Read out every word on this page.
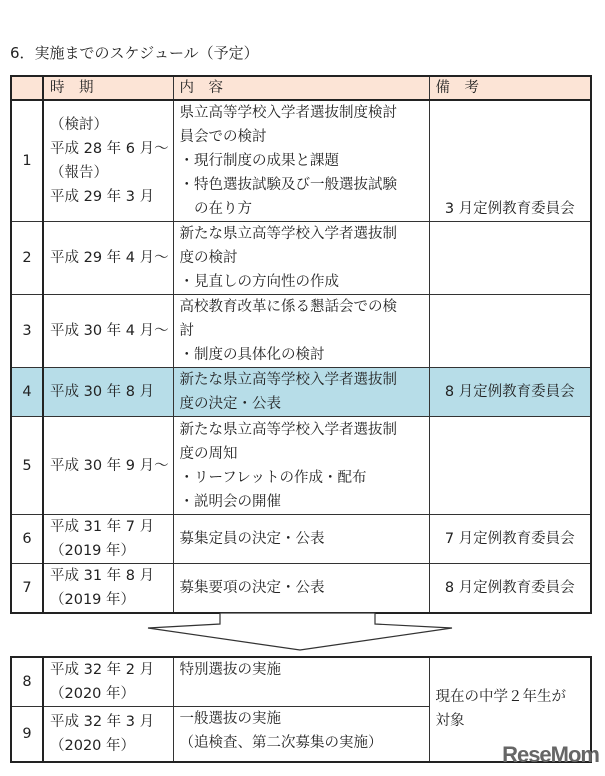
6．実施までのスケジュール（予定）
	時　期	内　容	備　考
1	（検討）
平成 28 年 6 月～
（報告）
平成 29 年 3 月	県立高等学校入学者選抜制度検討
員会での検討
・現行制度の成果と課題
・特色選抜試験及び一般選抜試験
　の在り方	3 月定例教育委員会
2	平成 29 年 4 月～	新たな県立高等学校入学者選抜制
度の検討
・見直しの方向性の作成	

3	平成 30 年 4 月～	高校教育改革に係る懇話会での検
討
・制度の具体化の検討	

4	平成 30 年 8 月	新たな県立高等学校入学者選抜制
度の決定・公表	8 月定例教育委員会
5	平成 30 年 9 月～	新たな県立高等学校入学者選抜制
度の周知
・リーフレットの作成・配布
・説明会の開催	

6	平成 31 年 7 月
（2019 年）	募集定員の決定・公表	7 月定例教育委員会
7	平成 31 年 8 月
（2019 年）	募集要項の決定・公表	8 月定例教育委員会
8	平成 32 年 2 月
（2020 年）	特別選抜の実施	現在の中学２年生が
対象

9	平成 32 年 3 月
（2020 年）	一般選抜の実施
（追検査、第二次募集の実施）		ReseMom
